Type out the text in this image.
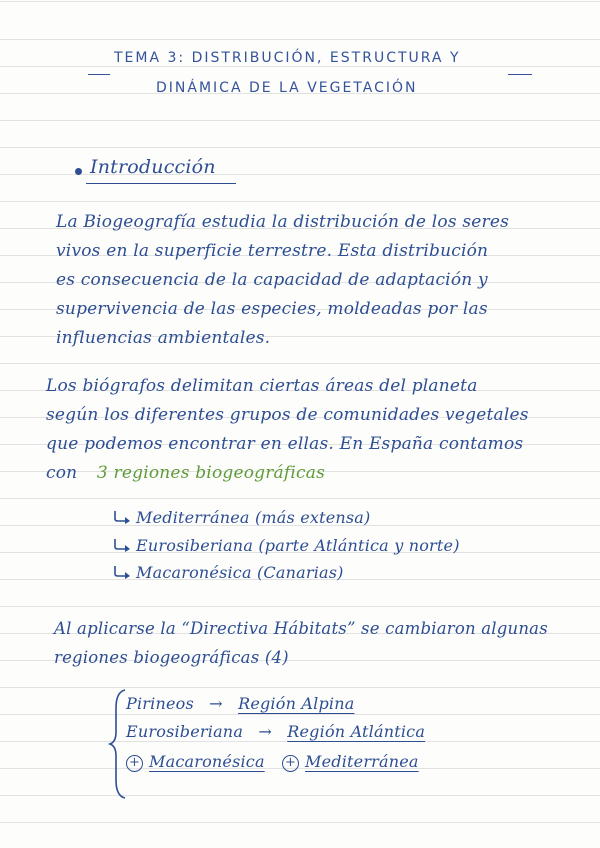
TEMA 3: DISTRIBUCIÓN, ESTRUCTURA Y
DINÁMICA DE LA VEGETACIÓN
Introducción
La Biogeografía estudia la distribución de los seres
vivos en la superficie terrestre. Esta distribución
es consecuencia de la capacidad de adaptación y
supervivencia de las especies, moldeadas por las
influencias ambientales.
Los biógrafos delimitan ciertas áreas del planeta
según los diferentes grupos de comunidades vegetales
que podemos encontrar en ellas. En España contamos
con 3 regiones biogeográficas
Mediterránea (más extensa)
Eurosiberiana (parte Atlántica y norte)
Macaronésica (Canarias)
Al aplicarse la “Directiva Hábitats” se cambiaron algunas
regiones biogeográficas (4)
Pirineos → Región Alpina
Eurosiberiana → Región Atlántica
+ Macaronésica + Mediterránea
